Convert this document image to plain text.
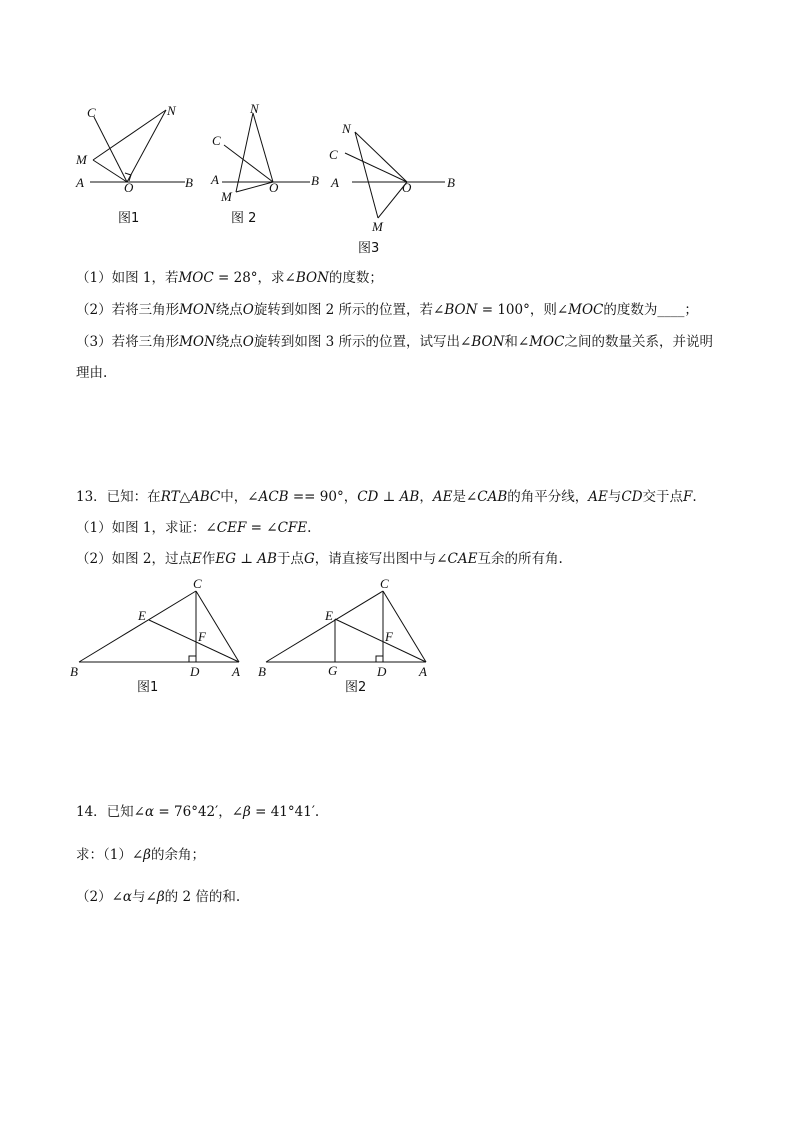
C	N
M
A	O	B
图1
N
C
A
M
O	B
图 2
N
C
A	O	B
M
图3
（1）如图 1，若MOC = 28°，求∠BON的度数；
（2）若将三角形MON绕点O旋转到如图 2 所示的位置，若∠BON = 100°，则∠MOC的度数为____；
（3）若将三角形MON绕点O旋转到如图 3 所示的位置，试写出∠BON和∠MOC之间的数量关系，并说明
理由.
13．已知：在RT△ABC中，∠ACB == 90°，CD ⊥ AB，AE是∠CAB的角平分线，AE与CD交于点F.
（1）如图 1，求证：∠CEF = ∠CFE.
（2）如图 2，过点E作EG ⊥ AB于点G，请直接写出图中与∠CAE互余的所有角.
C
E
F
B	D	A
图1
C
E
F
B	G	D	A
图2
14．已知∠α = 76°42′，∠β = 41°41′.
求：（1）∠β的余角；
（2）∠α与∠β的 2 倍的和.
